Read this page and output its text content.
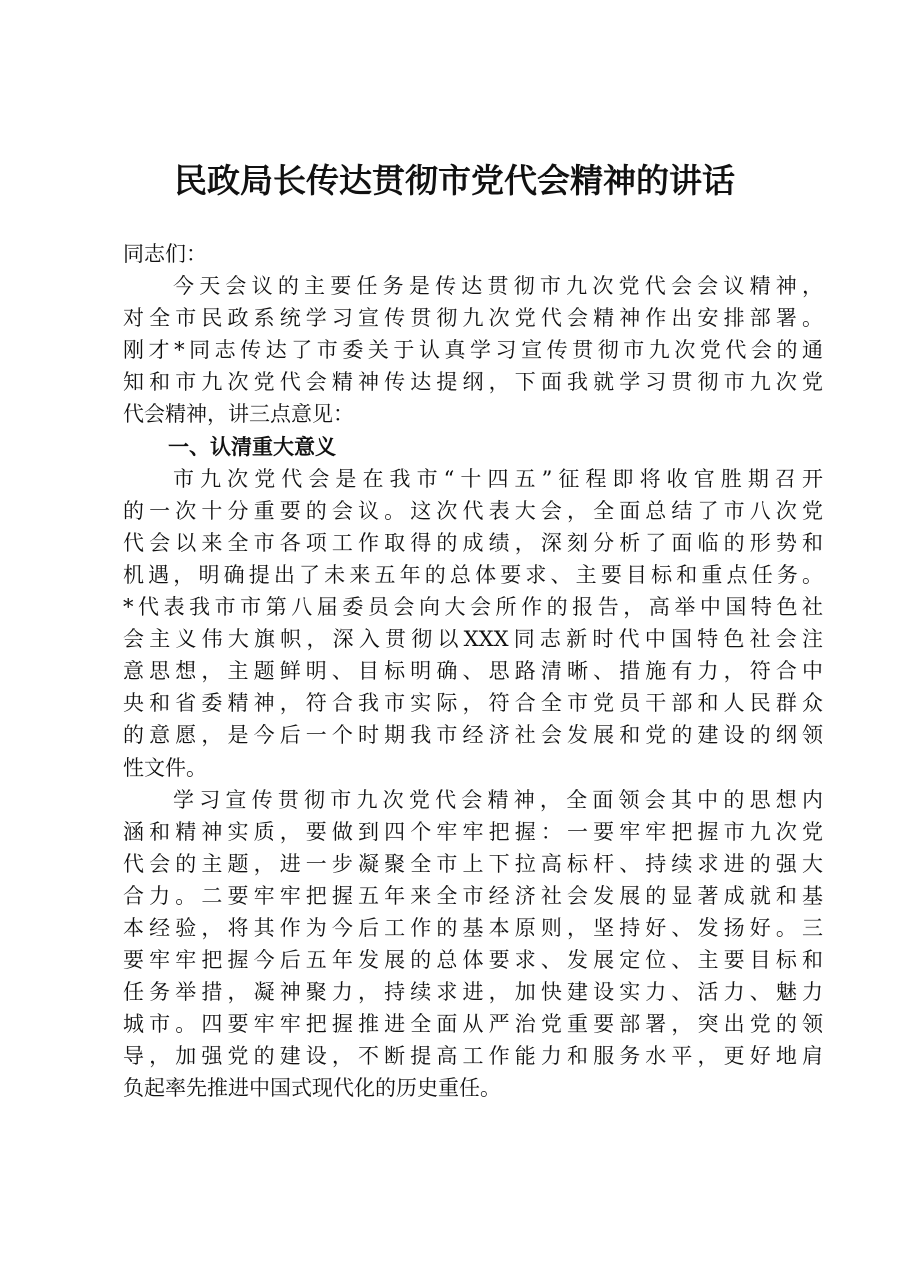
民政局长传达贯彻市党代会精神的讲话
同志们：
今天会议的主要任务是传达贯彻市九次党代会会议精神，
对全市民政系统学习宣传贯彻九次党代会精神作出安排部署。
刚才*同志传达了市委关于认真学习宣传贯彻市九次党代会的通
知和市九次党代会精神传达提纲，下面我就学习贯彻市九次党
代会精神，讲三点意见：
一、认清重大意义
市九次党代会是在我市“十四五”征程即将收官胜期召开
的一次十分重要的会议。这次代表大会，全面总结了市八次党
代会以来全市各项工作取得的成绩，深刻分析了面临的形势和
机遇，明确提出了未来五年的总体要求、主要目标和重点任务。
*代表我市市第八届委员会向大会所作的报告，高举中国特色社
会主义伟大旗帜，深入贯彻以XXX同志新时代中国特色社会注
意思想，主题鲜明、目标明确、思路清晰、措施有力，符合中
央和省委精神，符合我市实际，符合全市党员干部和人民群众
的意愿，是今后一个时期我市经济社会发展和党的建设的纲领
性文件。
学习宣传贯彻市九次党代会精神，全面领会其中的思想内
涵和精神实质，要做到四个牢牢把握：一要牢牢把握市九次党
代会的主题，进一步凝聚全市上下拉高标杆、持续求进的强大
合力。二要牢牢把握五年来全市经济社会发展的显著成就和基
本经验，将其作为今后工作的基本原则，坚持好、发扬好。三
要牢牢把握今后五年发展的总体要求、发展定位、主要目标和
任务举措，凝神聚力，持续求进，加快建设实力、活力、魅力
城市。四要牢牢把握推进全面从严治党重要部署，突出党的领
导，加强党的建设，不断提高工作能力和服务水平，更好地肩
负起率先推进中国式现代化的历史重任。
